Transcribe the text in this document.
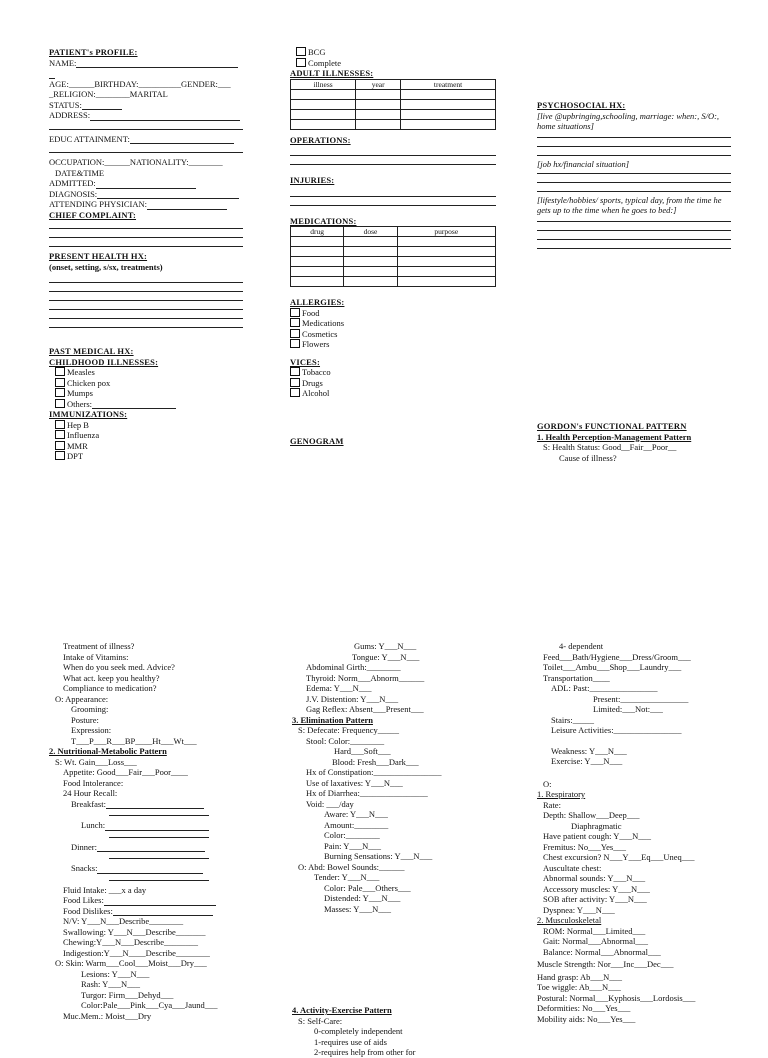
PATIENT's PROFILE:
NAME:
AGE:______BIRTHDAY:__________GENDER:___
_RELIGION:________MARITAL
STATUS:
ADDRESS:
EDUC ATTAINMENT:
OCCUPATION:______NATIONALITY:________
DATE&TIME
ADMITTED:
DIAGNOSIS:
ATTENDING PHYSICIAN:
CHIEF COMPLAINT:
PRESENT HEALTH HX:
(onset, setting, s/sx, treatments)
PAST MEDICAL HX:
CHILDHOOD ILLNESSES:
Measles
Chicken pox
Mumps
Others:
IMMUNIZATIONS:
Hep B
Influenza
MMR
DPT
BCG
Complete
ADULT ILLNESSES:
illness	year	treatment

OPERATIONS:
INJURIES:
MEDICATIONS:
drug	dose	purpose

ALLERGIES:
Food
Medications
Cosmetics
Flowers
VICES:
Tobacco
Drugs
Alcohol
GENOGRAM
PSYCHOSOCIAL HX:
[live @upbringing,schooling, marriage: when:, S/O:, home situations]
[job hx/financial situation]
[lifestyle/hobbies/ sports, typical day, from the time he gets up to the time when he goes to bed:]
GORDON's FUNCTIONAL PATTERN
1. Health Perception-Management Pattern
S: Health Status: Good__Fair__Poor__
Cause of illness?
Treatment of illness?
Intake of Vitamins:
When do you seek med. Advice?
What act. keep you healthy?
Compliance to medication?
O: Appearance:
Grooming:
Posture:
Expression:
T___P___R___BP____Ht___Wt___
2. Nutritional-Metabolic Pattern
S: Wt. Gain___Loss___
Appetite: Good___Fair___Poor____
Food Intolerance:
24 Hour Recall:
Breakfast:
Lunch:
Dinner:
Snacks:
Fluid Intake: ___x a day
Food Likes:
Food Dislikes:
N/V: Y___N___Describe________
Swallowing: Y___N___Describe_______
Chewing:Y___N___Describe________
Indigestion:Y___N____Describe________
O: Skin: Warm___Cool___Moist___Dry___
Lesions: Y___N___
Rash: Y___N___
Turgor: Firm___Dehyd___
Color:Pale___Pink___Cya___Jaund___
Muc.Mem.: Moist___Dry
Gums: Y___N___
Tongue: Y___N___
Abdominal Girth:________
Thyroid: Norm___Abnorm______
Edema: Y___N___
J.V. Distention: Y___N___
Gag Reflex: Absent___Present___
3. Elimination Pattern
S: Defecate: Frequency_____
Stool: Color:________
Hard___Soft___
Blood: Fresh___Dark___
Hx of Constipation:________________
Use of laxatives: Y___N___
Hx of Diarrhea:________________
Void: ___/day
Aware: Y___N___
Amount:________
Color:________
Pain: Y___N___
Burning Sensations: Y___N___
O: Abd: Bowel Sounds:______
Tender: Y___N___
Color: Pale___Others___
Distended: Y___N___
Masses: Y___N___
4. Activity-Exercise Pattern
S: Self-Care:
0-completely independent
1-requires use of aids
2-requires help from other for
4- dependent
Feed___Bath/Hygiene___Dress/Groom___
Toilet___Ambu___Shop___Laundry___
Transportation____
ADL: Past:________________
Present:________________
Limited:___Not:___
Stairs:_____
Leisure Activities:________________
Weakness: Y___N___
Exercise: Y___N___
O:
1. Respiratory
Rate:
Depth: Shallow___Deep___
Diaphragmatic
Have patient cough: Y___N___
Fremitus: No___Yes___
Chest excursion? N___Y___Eq___Uneq___
Auscultate chest:
Abnormal sounds: Y___N___
Accessory muscles: Y___N___
SOB after activity: Y___N___
Dyspnea: Y___N___
2. Musculoskeletal
ROM: Normal___Limited___
Gait: Normal___Abnormal___
Balance: Normal___Abnormal___
Muscle Strength: Nor___Inc___Dec___
Hand grasp: Ab___N___
Toe wiggle: Ab___N___
Postural: Normal___Kyphosis___Lordosis___
Deformities: No___Yes___
Mobility aids: No___Yes___
